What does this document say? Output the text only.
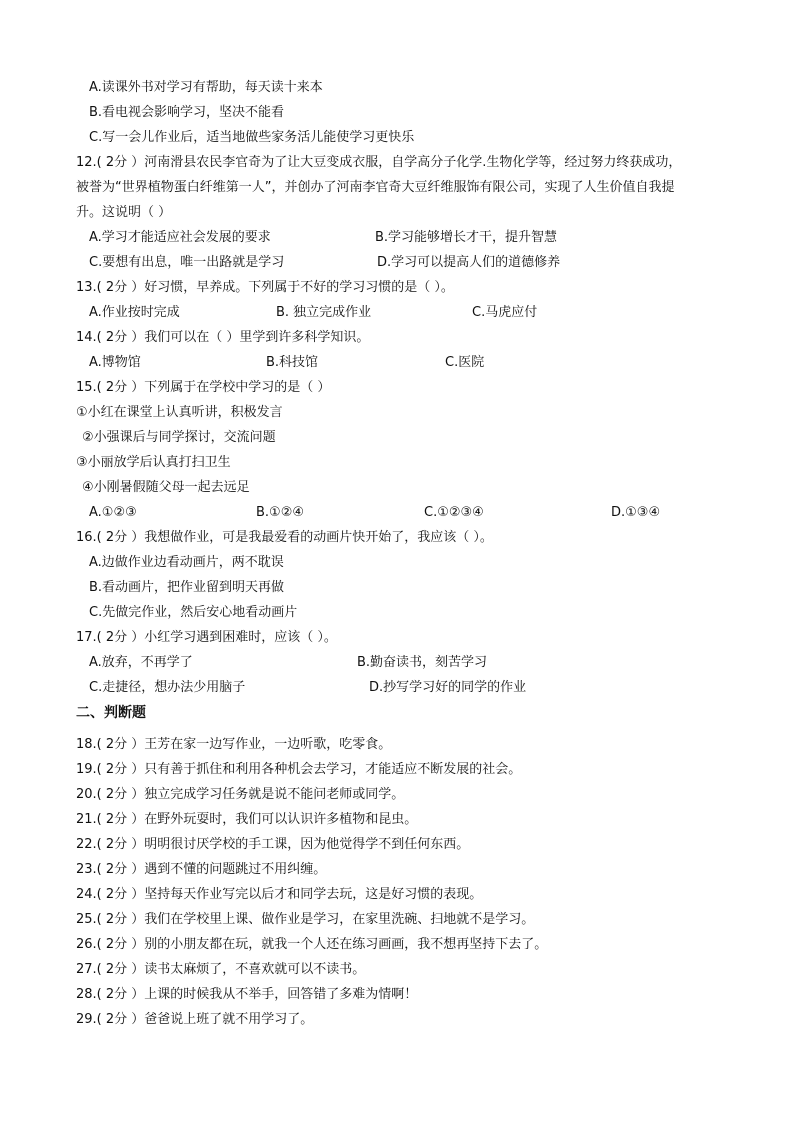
A.读课外书对学习有帮助，每天读十来本
B.看电视会影响学习，坚决不能看
C.写一会儿作业后，适当地做些家务活儿能使学习更快乐
12.( 2分 ）河南滑县农民李官奇为了让大豆变成衣服，自学高分子化学.生物化学等，经过努力终获成功，
被誉为“世界植物蛋白纤维第一人”，并创办了河南李官奇大豆纤维服饰有限公司，实现了人生价值自我提
升。这说明（ ）
A.学习才能适应社会发展的要求	B.学习能够增长才干，提升智慧
C.要想有出息，唯一出路就是学习	D.学习可以提高人们的道德修养
13.( 2分 ）好习惯，早养成。下列属于不好的学习习惯的是（ ）。
A.作业按时完成	B. 独立完成作业	C.马虎应付
14.( 2分 ）我们可以在（ ）里学到许多科学知识。
A.博物馆	B.科技馆	C.医院
15.( 2分 ）下列属于在学校中学习的是（ ）
①小红在课堂上认真听讲，积极发言
②小强课后与同学探讨，交流问题
③小丽放学后认真打扫卫生
④小刚暑假随父母一起去远足
A.①②③	B.①②④	C.①②③④	D.①③④
16.( 2分 ）我想做作业，可是我最爱看的动画片快开始了，我应该（ ）。
A.边做作业边看动画片，两不耽误
B.看动画片，把作业留到明天再做
C.先做完作业，然后安心地看动画片
17.( 2分 ）小红学习遇到困难时，应该（ ）。
A.放弃，不再学了	B.勤奋读书，刻苦学习
C.走捷径，想办法少用脑子	D.抄写学习好的同学的作业
二、判断题
18.( 2分 ）王芳在家一边写作业，一边听歌，吃零食。
19.( 2分 ）只有善于抓住和利用各种机会去学习，才能适应不断发展的社会。
20.( 2分 ）独立完成学习任务就是说不能问老师或同学。
21.( 2分 ）在野外玩耍时，我们可以认识许多植物和昆虫。
22.( 2分 ）明明很讨厌学校的手工课，因为他觉得学不到任何东西。
23.( 2分 ）遇到不懂的问题跳过不用纠缠。
24.( 2分 ）坚持每天作业写完以后才和同学去玩，这是好习惯的表现。
25.( 2分 ）我们在学校里上课、做作业是学习，在家里洗碗、扫地就不是学习。
26.( 2分 ）别的小朋友都在玩，就我一个人还在练习画画，我不想再坚持下去了。
27.( 2分 ）读书太麻烦了，不喜欢就可以不读书。
28.( 2分 ）上课的时候我从不举手，回答错了多难为情啊！
29.( 2分 ）爸爸说上班了就不用学习了。
